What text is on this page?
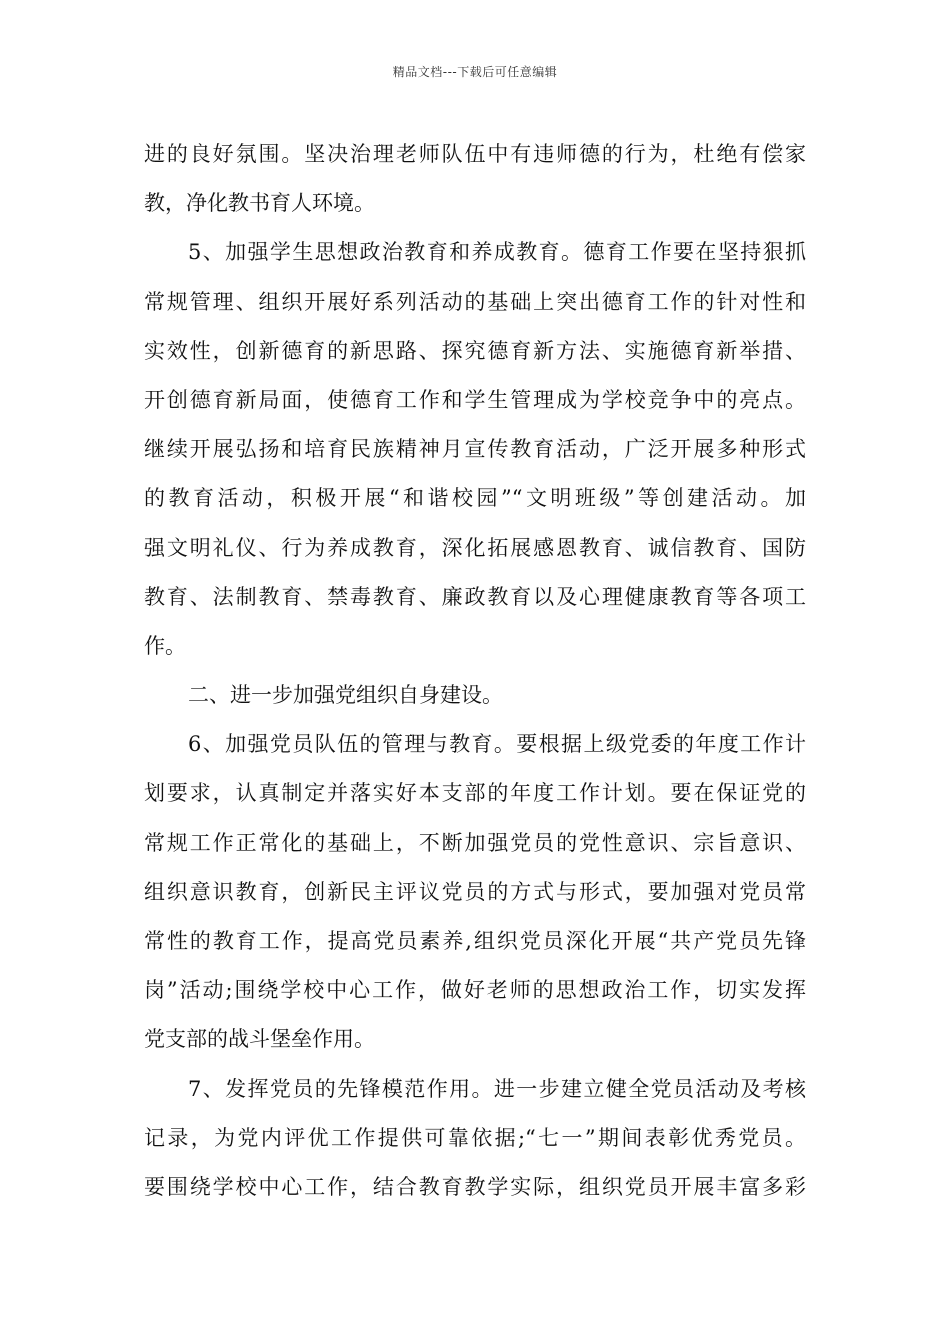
精品文档---下载后可任意编辑
进的良好氛围。坚决治理老师队伍中有违师德的行为，杜绝有偿家
教，净化教书育人环境。
5、加强学生思想政治教育和养成教育。德育工作要在坚持狠抓
常规管理、组织开展好系列活动的基础上突出德育工作的针对性和
实效性，创新德育的新思路、探究德育新方法、实施德育新举措、
开创德育新局面，使德育工作和学生管理成为学校竞争中的亮点。
继续开展弘扬和培育民族精神月宣传教育活动，广泛开展多种形式
的教育活动，积极开展“和谐校园”“文明班级”等创建活动。加
强文明礼仪、行为养成教育，深化拓展感恩教育、诚信教育、国防
教育、法制教育、禁毒教育、廉政教育以及心理健康教育等各项工
作。
二、进一步加强党组织自身建设。
6、加强党员队伍的管理与教育。要根据上级党委的年度工作计
划要求，认真制定并落实好本支部的年度工作计划。要在保证党的
常规工作正常化的基础上，不断加强党员的党性意识、宗旨意识、
组织意识教育，创新民主评议党员的方式与形式，要加强对党员常
常性的教育工作，提高党员素养,组织党员深化开展“共产党员先锋
岗”活动;围绕学校中心工作，做好老师的思想政治工作，切实发挥
党支部的战斗堡垒作用。
7、发挥党员的先锋模范作用。进一步建立健全党员活动及考核
记录，为党内评优工作提供可靠依据;“七一”期间表彰优秀党员。
要围绕学校中心工作，结合教育教学实际，组织党员开展丰富多彩
